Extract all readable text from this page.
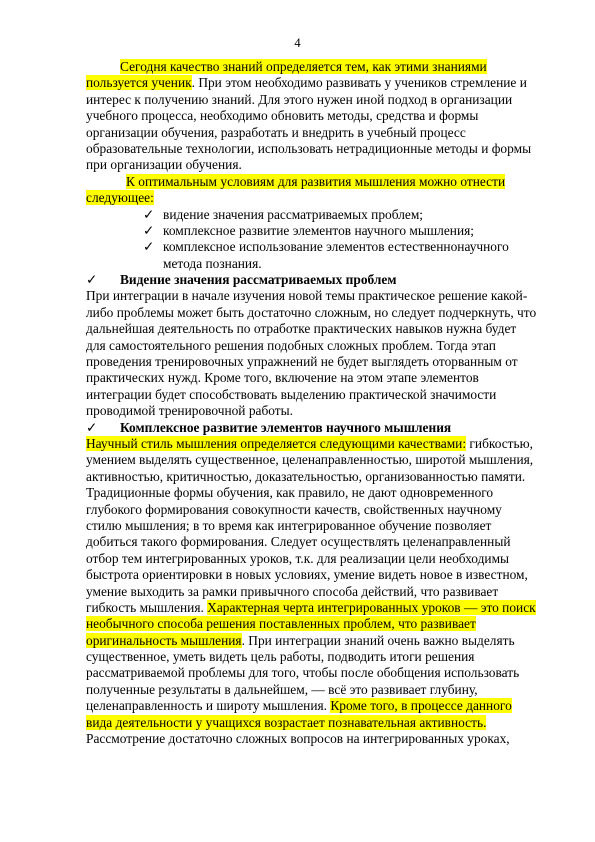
4
Сегодня качество знаний определяется тем, как этими знаниями
пользуется ученик. При этом необходимо развивать у учеников стремление и
интерес к получению знаний. Для этого нужен иной подход в организации
учебного процесса, необходимо обновить методы, средства и формы
организации обучения, разработать и внедрить в учебный процесс
образовательные технологии, использовать нетрадиционные методы и формы
при организации обучения.
К оптимальным условиям для развития мышления можно отнести
следующее:
✓ видение значения рассматриваемых проблем;
✓ комплексное развитие элементов научного мышления;
✓ комплексное использование элементов естественнонаучного
метода познания.
✓ Видение значения рассматриваемых проблем
При интеграции в начале изучения новой темы практическое решение какой-
либо проблемы может быть достаточно сложным, но следует подчеркнуть, что
дальнейшая деятельность по отработке практических навыков нужна будет
для самостоятельного решения подобных сложных проблем. Тогда этап
проведения тренировочных упражнений не будет выглядеть оторванным от
практических нужд. Кроме того, включение на этом этапе элементов
интеграции будет способствовать выделению практической значимости
проводимой тренировочной работы.
✓ Комплексное развитие элементов научного мышления
Научный стиль мышления определяется следующими качествами: гибкостью,
умением выделять существенное, целенаправленностью, широтой мышления,
активностью, критичностью, доказательностью, организованностью памяти.
Традиционные формы обучения, как правило, не дают одновременного
глубокого формирования совокупности качеств, свойственных научному
стилю мышления; в то время как интегрированное обучение позволяет
добиться такого формирования. Следует осуществлять целенаправленный
отбор тем интегрированных уроков, т.к. для реализации цели необходимы
быстрота ориентировки в новых условиях, умение видеть новое в известном,
умение выходить за рамки привычного способа действий, что развивает
гибкость мышления. Характерная черта интегрированных уроков — это поиск
необычного способа решения поставленных проблем, что развивает
оригинальность мышления. При интеграции знаний очень важно выделять
существенное, уметь видеть цель работы, подводить итоги решения
рассматриваемой проблемы для того, чтобы после обобщения использовать
полученные результаты в дальнейшем, — всё это развивает глубину,
целенаправленность и широту мышления. Кроме того, в процессе данного
вида деятельности у учащихся возрастает познавательная активность.
Рассмотрение достаточно сложных вопросов на интегрированных уроках,
